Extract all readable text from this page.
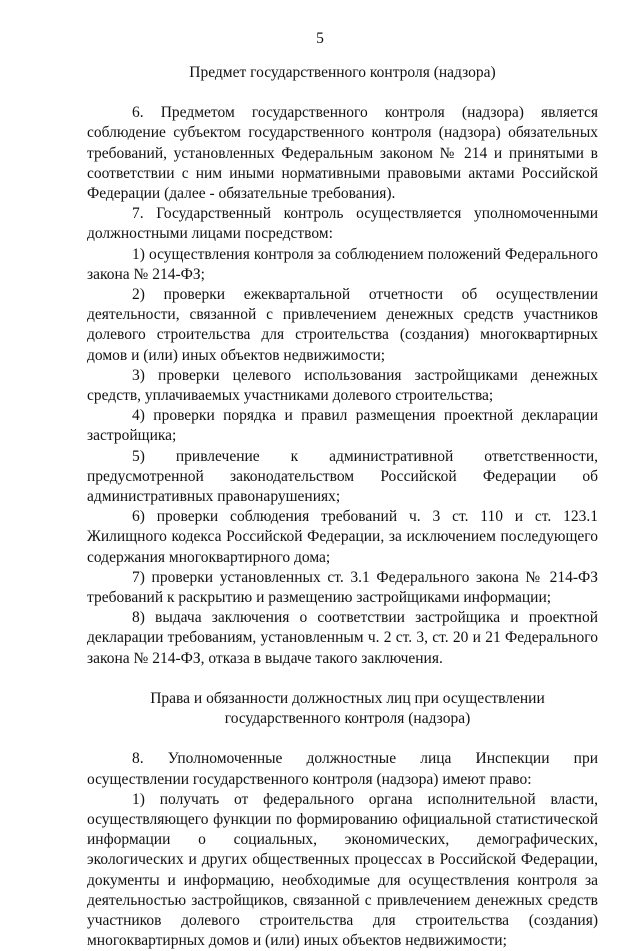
5

Предмет государственного контроля (надзора)

6. Предметом государственного контроля (надзора) является соблюдение субъектом государственного контроля (надзора) обязательных требований, установленных Федеральным законом № 214 и принятыми в соответствии с ним иными нормативными правовыми актами Российской Федерации (далее - обязательные требования).

7. Государственный контроль осуществляется уполномоченными должностными лицами посредством:

1) осуществления контроля за соблюдением положений Федерального закона № 214-ФЗ;

2) проверки ежеквартальной отчетности об осуществлении деятельности, связанной с привлечением денежных средств участников долевого строительства для строительства (создания) многоквартирных домов и (или) иных объектов недвижимости;

3) проверки целевого использования застройщиками денежных средств, уплачиваемых участниками долевого строительства;

4) проверки порядка и правил размещения проектной декларации застройщика;

5) привлечение к административной ответственности, предусмотренной законодательством Российской Федерации об административных правонарушениях;

6) проверки соблюдения требований ч. 3 ст. 110 и ст. 123.1 Жилищного кодекса Российской Федерации, за исключением последующего содержания многоквартирного дома;

7) проверки установленных ст. 3.1 Федерального закона № 214-ФЗ требований к раскрытию и размещению застройщиками информации;

8) выдача заключения о соответствии застройщика и проектной декларации требованиям, установленным ч. 2 ст. 3, ст. 20 и 21 Федерального закона № 214-ФЗ, отказа в выдаче такого заключения.

Права и обязанности должностных лиц при осуществлении
государственного контроля (надзора)

8. Уполномоченные должностные лица Инспекции при осуществлении государственного контроля (надзора) имеют право:

1) получать от федерального органа исполнительной власти, осуществляющего функции по формированию официальной статистической информации о социальных, экономических, демографических, экологических и других общественных процессах в Российской Федерации, документы и информацию, необходимые для осуществления контроля за деятельностью застройщиков, связанной с привлечением денежных средств участников долевого строительства для строительства (создания) многоквартирных домов и (или) иных объектов недвижимости;
